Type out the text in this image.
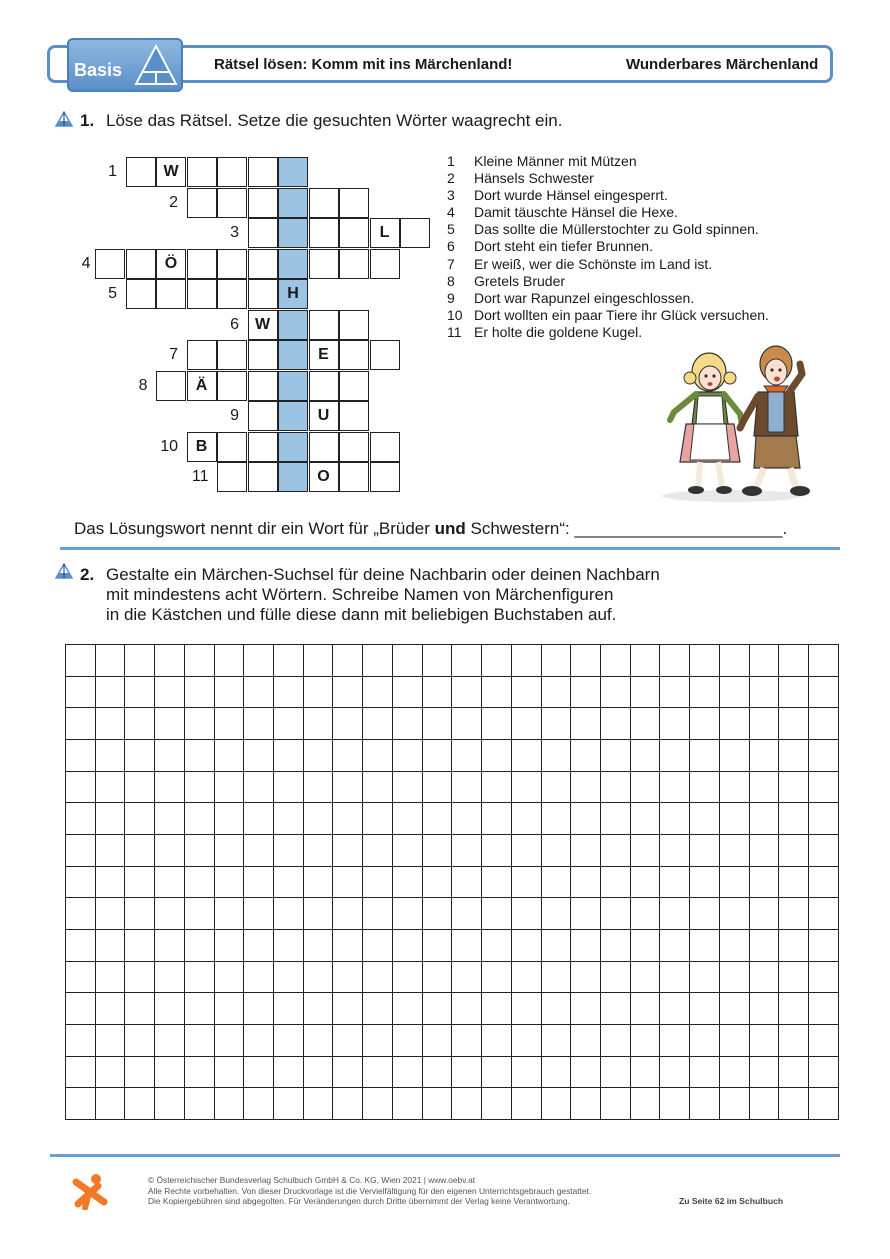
Basis	Rätsel lösen: Komm mit ins Märchenland!	Wunderbares Märchenland
1. Löse das Rätsel. Setze die gesuchten Wörter waagrecht ein.
1	W
2
3	L
4	Ö
5	H
6 W
7	E
8	Ä
9	U
10	B
11	O
1	Kleine Männer mit Mützen
2	Hänsels Schwester
3	Dort wurde Hänsel eingesperrt.
4	Damit täuschte Hänsel die Hexe.
5	Das sollte die Müllerstochter zu Gold spinnen.
6	Dort steht ein tiefer Brunnen.
7	Er weiß, wer die Schönste im Land ist.
8	Gretels Bruder
9	Dort war Rapunzel eingeschlossen.
10 Dort wollten ein paar Tiere ihr Glück versuchen.
11 Er holte die goldene Kugel.
Das Lösungswort nennt dir ein Wort für „Brüder und Schwestern“: ______________________.
2. Gestalte ein Märchen-Suchsel für deine Nachbarin oder deinen Nachbarn
mit mindestens acht Wörtern. Schreibe Namen von Märchenfiguren
in die Kästchen und fülle diese dann mit beliebigen Buchstaben auf.

© Österreichischer Bundesverlag Schulbuch GmbH & Co. KG, Wien 2021 | www.oebv.at
Alle Rechte vorbehalten. Von dieser Druckvorlage ist die Vervielfältigung für den eigenen Unterrichtsgebrauch gestattet.
Die Kopiergebühren sind abgegolten. Für Veränderungen durch Dritte übernimmt der Verlag keine Verantwortung.	Zu Seite 62 im Schulbuch
